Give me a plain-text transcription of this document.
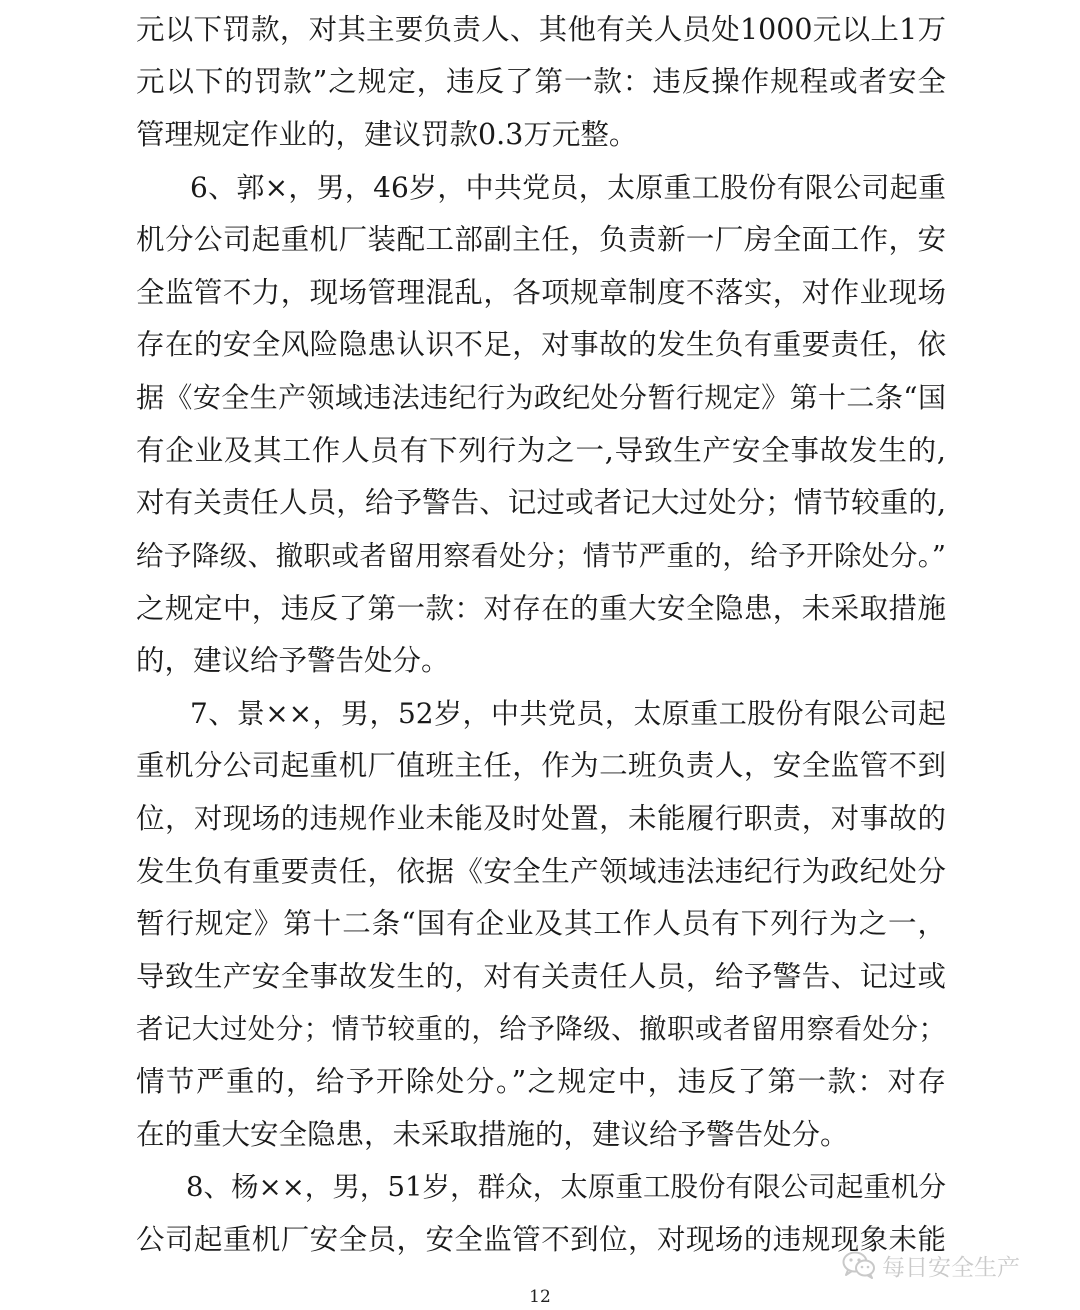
元以下罚款，对其主要负责人、其他有关人员处1000元以上1万
元以下的罚款”之规定，违反了第一款：违反操作规程或者安全
管理规定作业的，建议罚款0.3万元整。
6、郭×，男，46岁，中共党员，太原重工股份有限公司起重
机分公司起重机厂装配工部副主任，负责新一厂房全面工作，安
全监管不力，现场管理混乱，各项规章制度不落实，对作业现场
存在的安全风险隐患认识不足，对事故的发生负有重要责任，依
据《安全生产领域违法违纪行为政纪处分暂行规定》第十二条“国
有企业及其工作人员有下列行为之一,导致生产安全事故发生的,
对有关责任人员，给予警告、记过或者记大过处分；情节较重的,
给予降级、撤职或者留用察看处分；情节严重的，给予开除处分。”
之规定中，违反了第一款：对存在的重大安全隐患，未采取措施
的，建议给予警告处分。
7、景××，男，52岁，中共党员，太原重工股份有限公司起
重机分公司起重机厂值班主任，作为二班负责人，安全监管不到
位，对现场的违规作业未能及时处置，未能履行职责，对事故的
发生负有重要责任，依据《安全生产领域违法违纪行为政纪处分
暂行规定》第十二条“国有企业及其工作人员有下列行为之一，
导致生产安全事故发生的，对有关责任人员，给予警告、记过或
者记大过处分；情节较重的，给予降级、撤职或者留用察看处分；
情节严重的，给予开除处分。”之规定中，违反了第一款：对存
在的重大安全隐患，未采取措施的，建议给予警告处分。
8、杨××，男，51岁，群众，太原重工股份有限公司起重机分
公司起重机厂安全员，安全监管不到位，对现场的违规现象未能
每日安全生产
12
